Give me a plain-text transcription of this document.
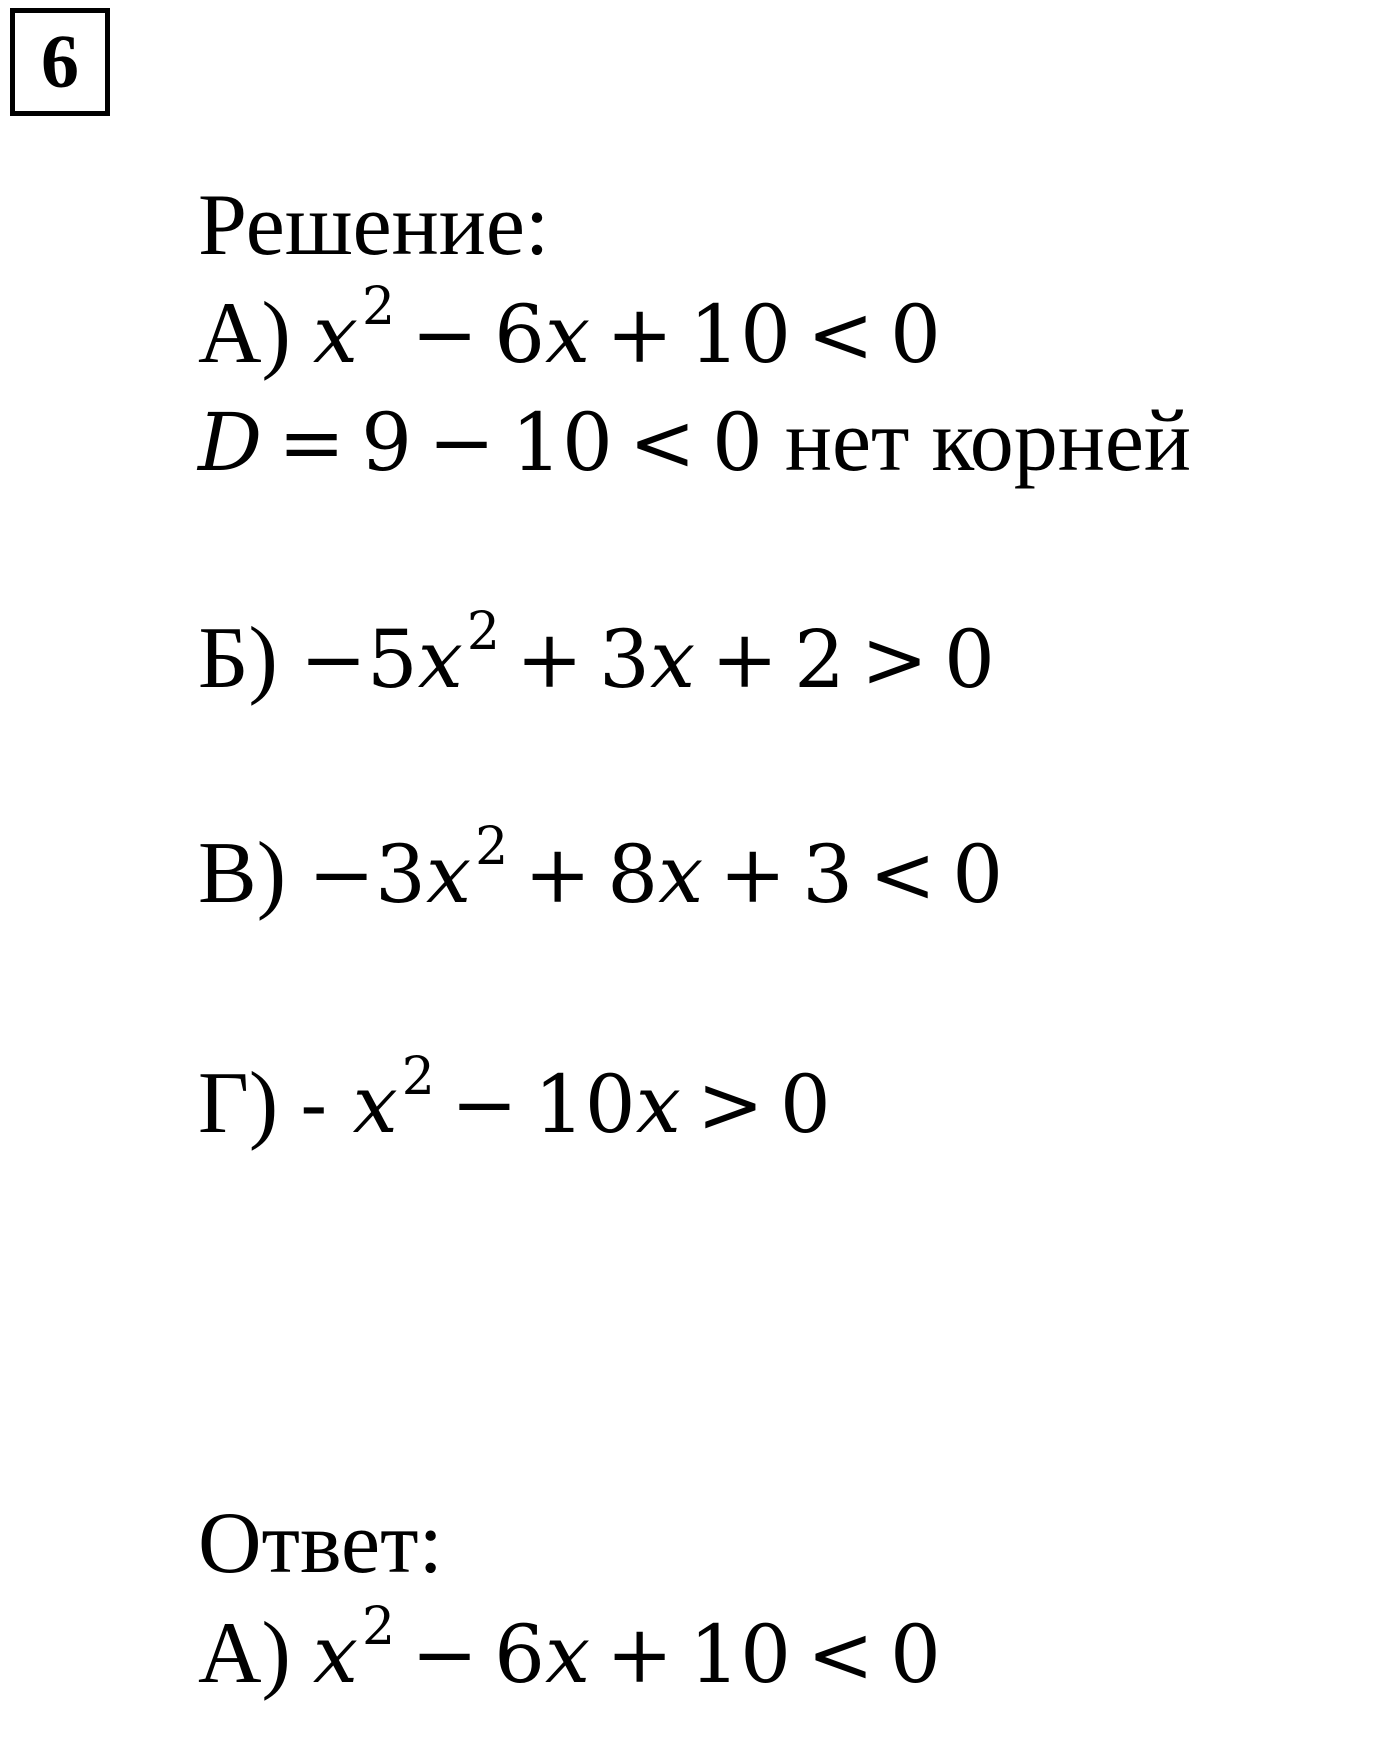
6
Решение:
А) $x^2 - 6x + 10 < 0$
D = 9 − 10 < 0 нет корней
$Б) -5x^2 + 3x + 2 > 0$
$В) -3x^2 + 8x + 3 < 0$
$Г) - x^2 - 10x > 0$
Ответ:
А) $x^2 - 6x + 10 < 0$
